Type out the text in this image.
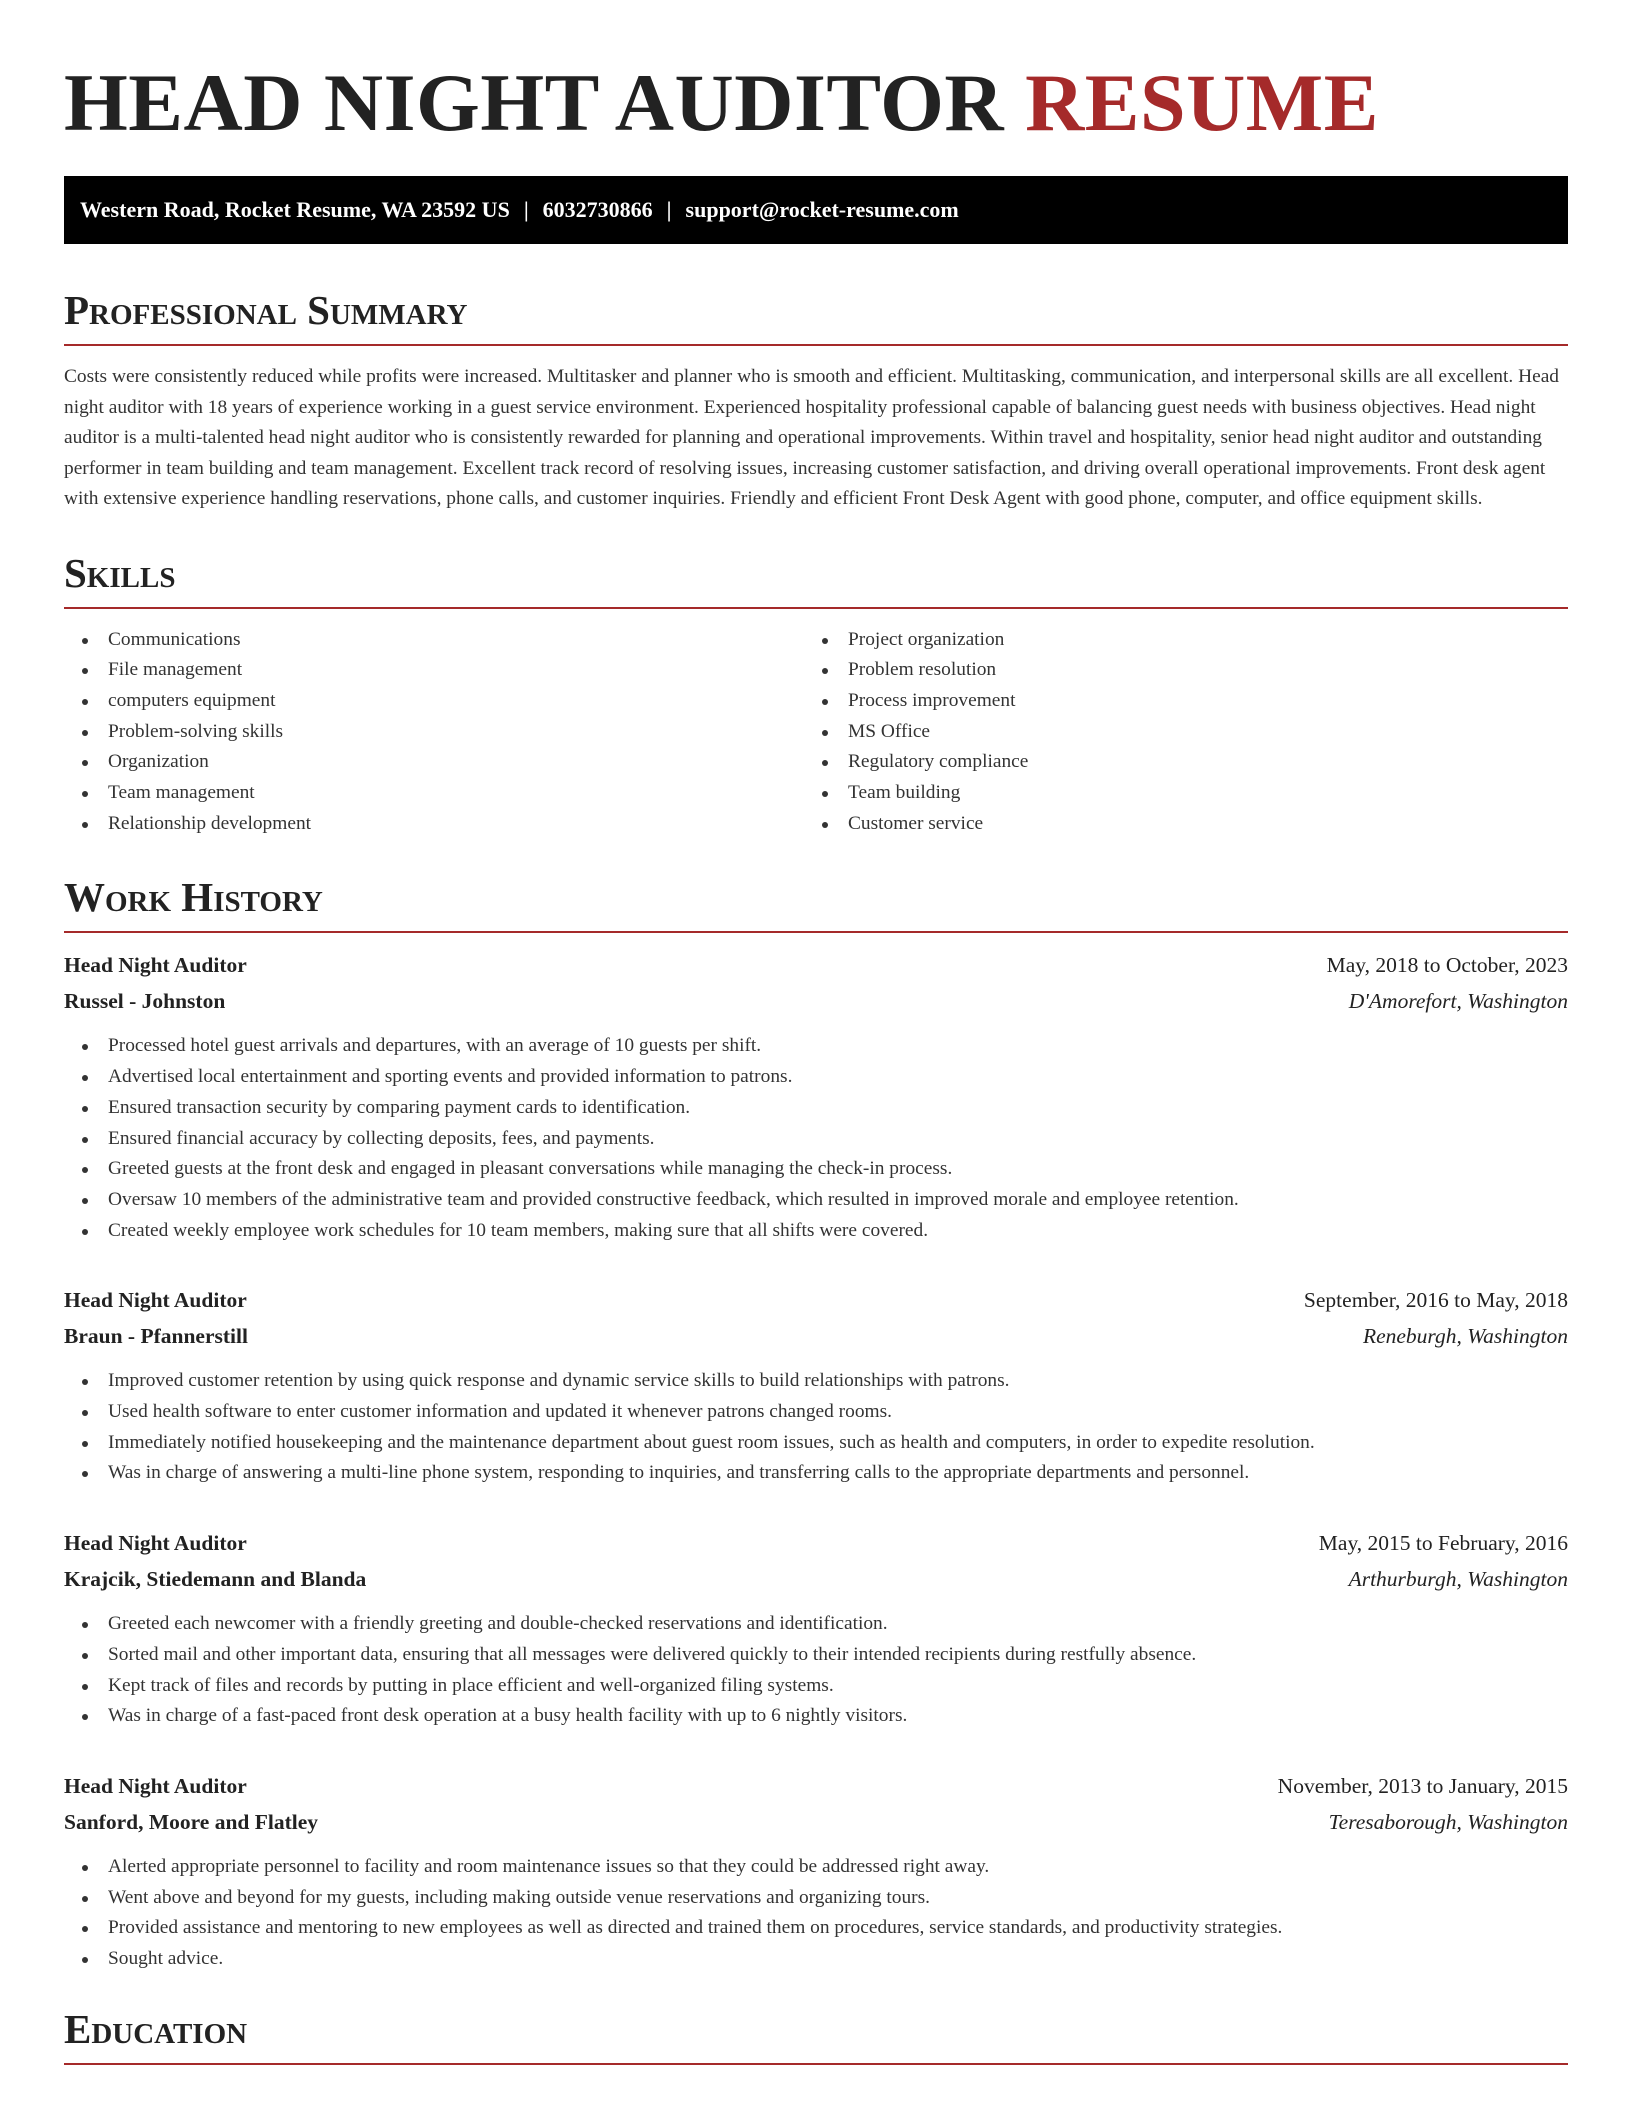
HEAD NIGHT AUDITOR RESUME
Western Road, Rocket Resume, WA 23592 US | 6032730866 | support@rocket-resume.com
Professional Summary

Costs were consistently reduced while profits were increased. Multitasker and planner who is smooth and efficient. Multitasking, communication, and interpersonal skills are all excellent. Head night auditor with 18 years of experience working in a guest service environment. Experienced hospitality professional capable of balancing guest needs with business objectives. Head night auditor is a multi-talented head night auditor who is consistently rewarded for planning and operational improvements. Within travel and hospitality, senior head night auditor and outstanding performer in team building and team management. Excellent track record of resolving issues, increasing customer satisfaction, and driving overall operational improvements. Front desk agent with extensive experience handling reservations, phone calls, and customer inquiries. Friendly and efficient Front Desk Agent with good phone, computer, and office equipment skills.

Skills
Communications
File management
computers equipment
Problem-solving skills
Organization
Team management
Relationship development
Project organization
Problem resolution
Process improvement
MS Office
Regulatory compliance
Team building
Customer service
Work History
Head Night Auditor	May, 2018 to October, 2023
Russel - Johnston	D'Amorefort, Washington
Processed hotel guest arrivals and departures, with an average of 10 guests per shift.
Advertised local entertainment and sporting events and provided information to patrons.
Ensured transaction security by comparing payment cards to identification.
Ensured financial accuracy by collecting deposits, fees, and payments.
Greeted guests at the front desk and engaged in pleasant conversations while managing the check-in process.
Oversaw 10 members of the administrative team and provided constructive feedback, which resulted in improved morale and employee retention.
Created weekly employee work schedules for 10 team members, making sure that all shifts were covered.
Head Night Auditor	September, 2016 to May, 2018
Braun - Pfannerstill	Reneburgh, Washington
Improved customer retention by using quick response and dynamic service skills to build relationships with patrons.
Used health software to enter customer information and updated it whenever patrons changed rooms.
Immediately notified housekeeping and the maintenance department about guest room issues, such as health and computers, in order to expedite resolution.
Was in charge of answering a multi-line phone system, responding to inquiries, and transferring calls to the appropriate departments and personnel.
Head Night Auditor	May, 2015 to February, 2016
Krajcik, Stiedemann and Blanda	Arthurburgh, Washington
Greeted each newcomer with a friendly greeting and double-checked reservations and identification.
Sorted mail and other important data, ensuring that all messages were delivered quickly to their intended recipients during restfully absence.
Kept track of files and records by putting in place efficient and well-organized filing systems.
Was in charge of a fast-paced front desk operation at a busy health facility with up to 6 nightly visitors.
Head Night Auditor	November, 2013 to January, 2015
Sanford, Moore and Flatley	Teresaborough, Washington
Alerted appropriate personnel to facility and room maintenance issues so that they could be addressed right away.
Went above and beyond for my guests, including making outside venue reservations and organizing tours.
Provided assistance and mentoring to new employees as well as directed and trained them on procedures, service standards, and productivity strategies.
Sought advice.
Education
